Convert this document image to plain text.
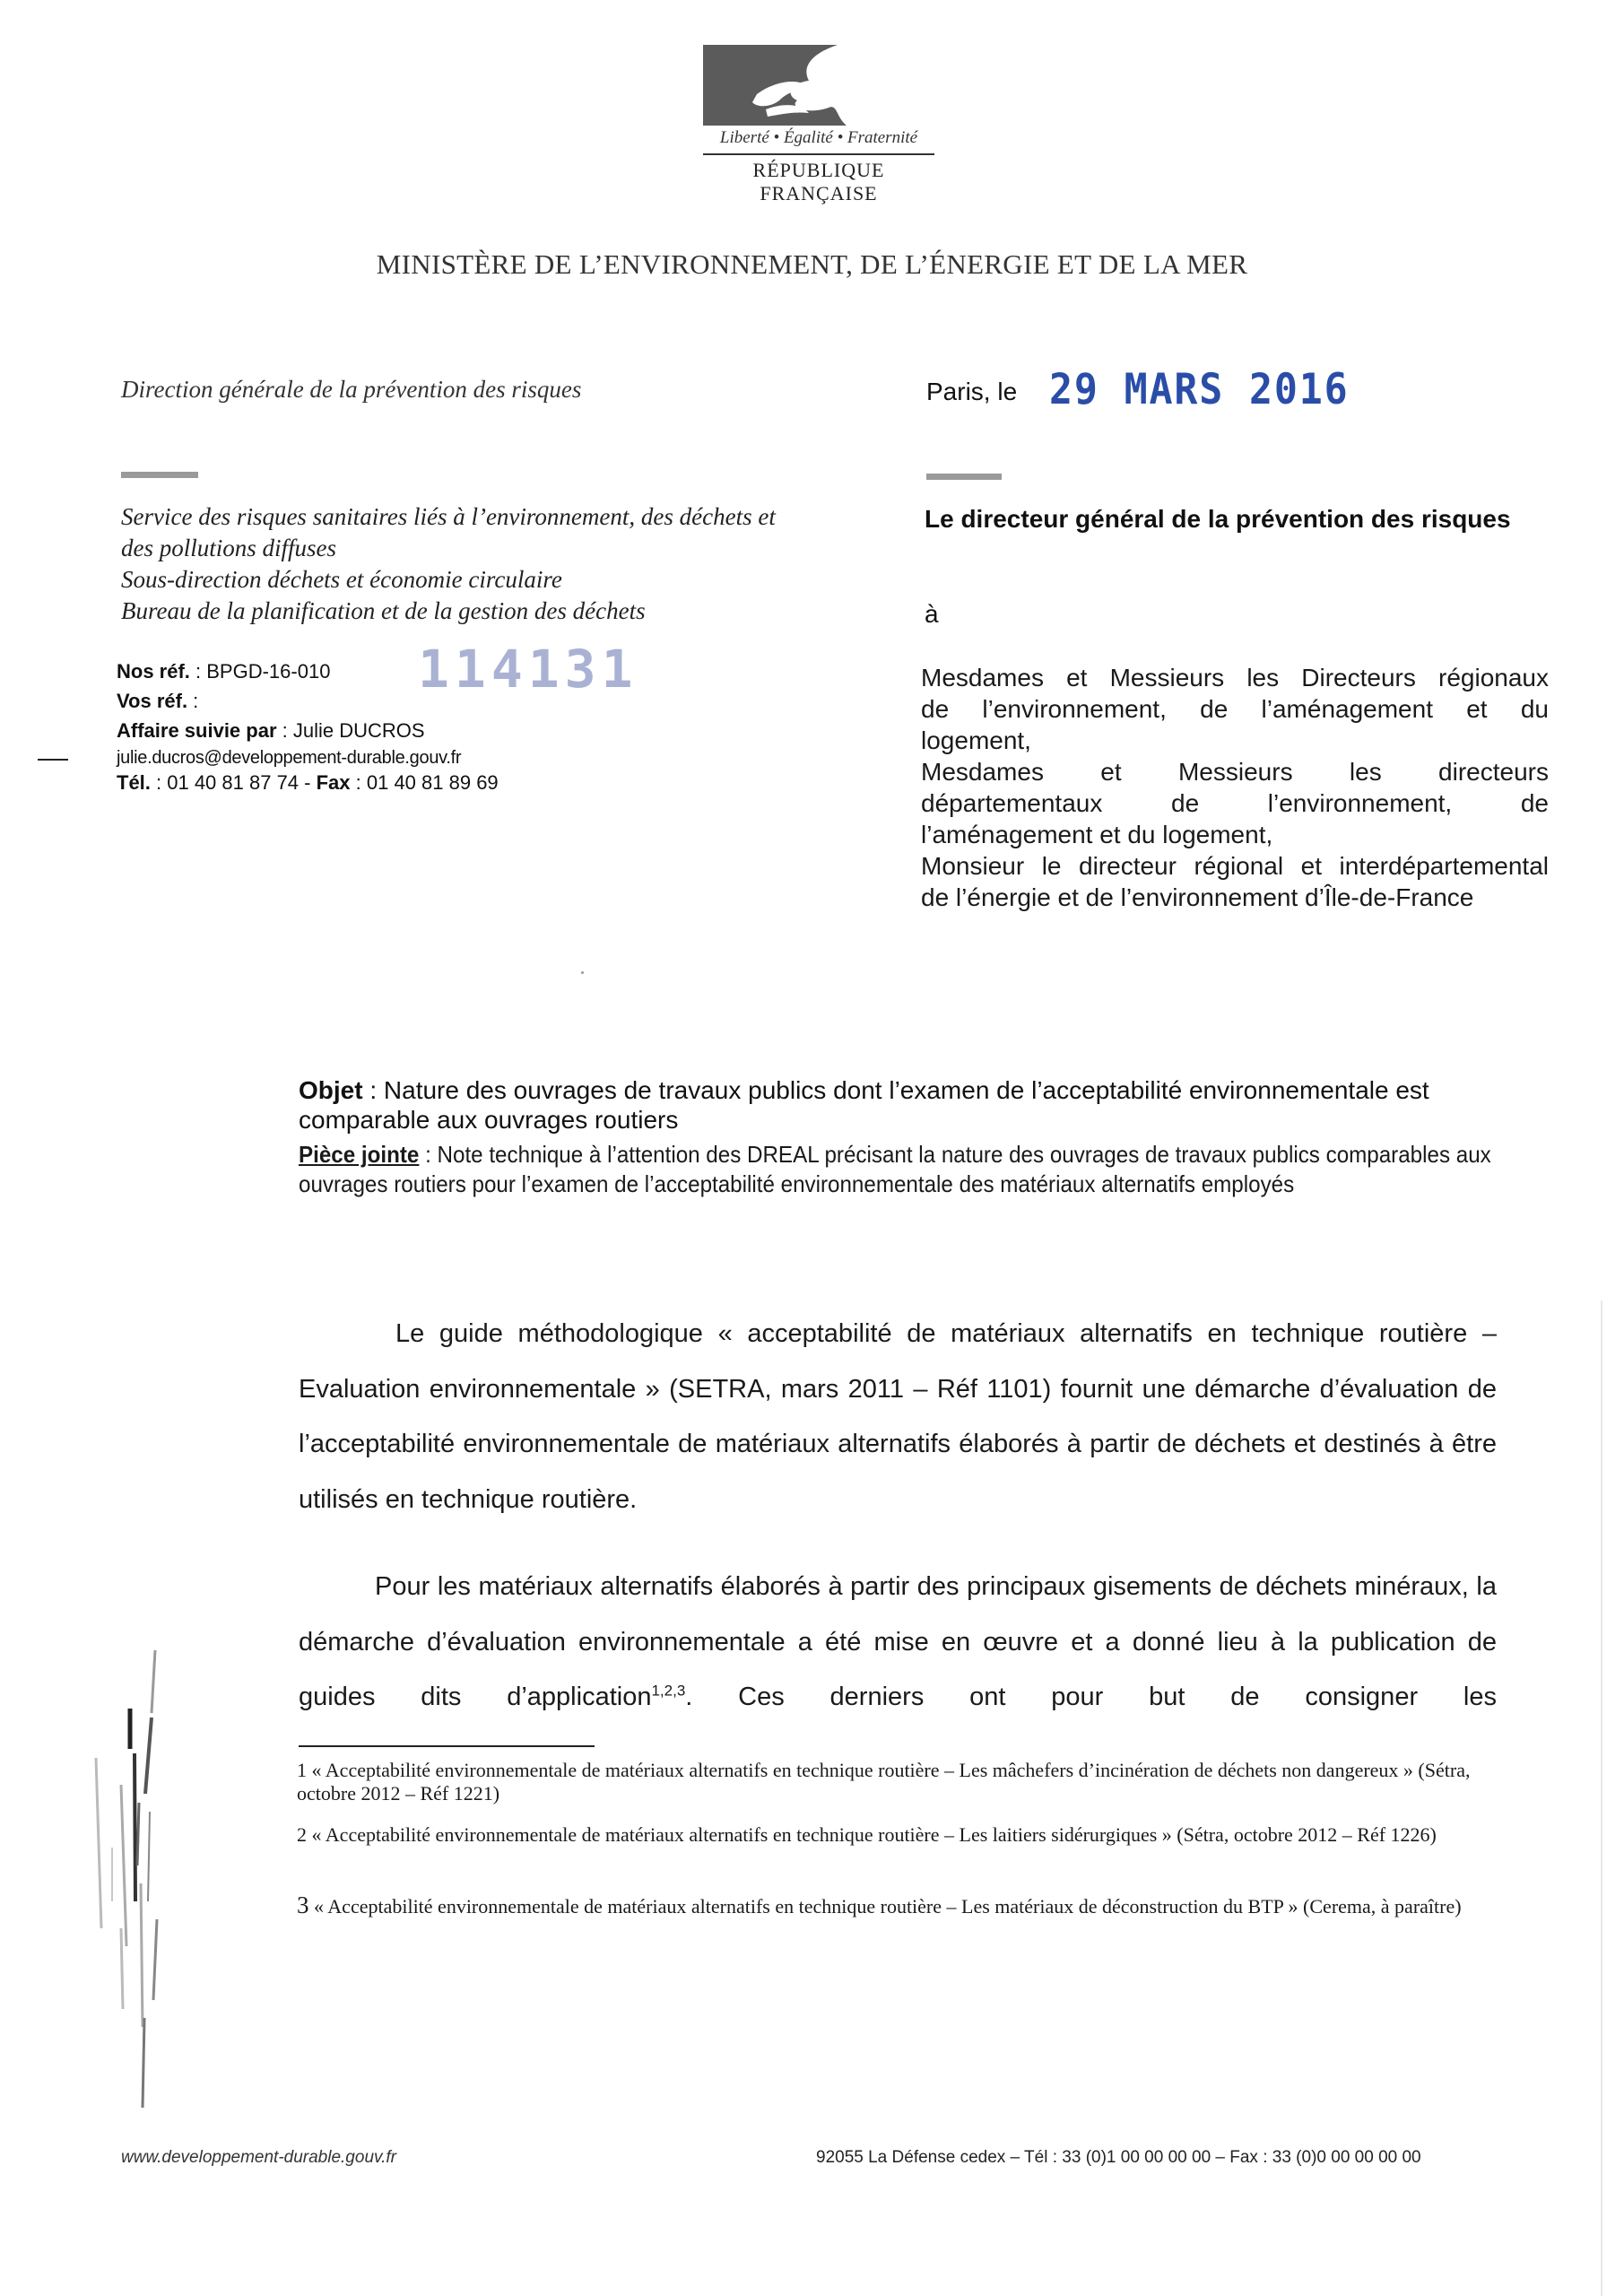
Liberté • Égalité • Fraternité
RÉPUBLIQUE FRANÇAISE
MINISTÈRE DE L’ENVIRONNEMENT, DE L’ÉNERGIE ET DE LA MER
Direction générale de la prévention des risques	Paris, le 29 MARS 2016
Service des risques sanitaires liés à l’environnement, des déchets et
des pollutions diffuses
Sous-direction déchets et économie circulaire
Bureau de la planification et de la gestion des déchets
114131
Nos réf. : BPGD-16-010
Vos réf. :
Affaire suivie par : Julie DUCROS
julie.ducros@developpement-durable.gouv.fr
Tél. : 01 40 81 87 74 - Fax : 01 40 81 89 69
Le directeur général de la prévention des risques
à
Mesdames et Messieurs les Directeurs régionaux
de l’environnement, de l’aménagement et du
logement,
Mesdames et Messieurs les directeurs
départementaux de l’environnement, de
l’aménagement et du logement,
Monsieur le directeur régional et interdépartemental
de l’énergie et de l’environnement d’Île-de-France
Objet : Nature des ouvrages de travaux publics dont l’examen de l’acceptabilité environnementale est comparable aux ouvrages routiers
Pièce jointe : Note technique à l’attention des DREAL précisant la nature des ouvrages de travaux publics comparables aux ouvrages routiers pour l’examen de l’acceptabilité environnementale des matériaux alternatifs employés
Le guide méthodologique « acceptabilité de matériaux alternatifs en technique routière – Evaluation environnementale » (SETRA, mars 2011 – Réf 1101) fournit une démarche d’évaluation de l’acceptabilité environnementale de matériaux alternatifs élaborés à partir de déchets et destinés à être utilisés en technique routière.
Pour les matériaux alternatifs élaborés à partir des principaux gisements de déchets minéraux, la démarche d’évaluation environnementale a été mise en œuvre et a donné lieu à la publication de guides dits d’application$^{1,2,3}$. Ces derniers ont pour but de consigner les
1 « Acceptabilité environnementale de matériaux alternatifs en technique routière – Les mâchefers d’incinération de déchets non dangereux » (Sétra, octobre 2012 – Réf 1221)
2 « Acceptabilité environnementale de matériaux alternatifs en technique routière – Les laitiers sidérurgiques » (Sétra, octobre 2012 – Réf 1226)
3 « Acceptabilité environnementale de matériaux alternatifs en technique routière – Les matériaux de déconstruction du BTP » (Cerema, à paraître)
www.developpement-durable.gouv.fr	92055 La Défense cedex – Tél : 33 (0)1 00 00 00 00 – Fax : 33 (0)0 00 00 00 00
